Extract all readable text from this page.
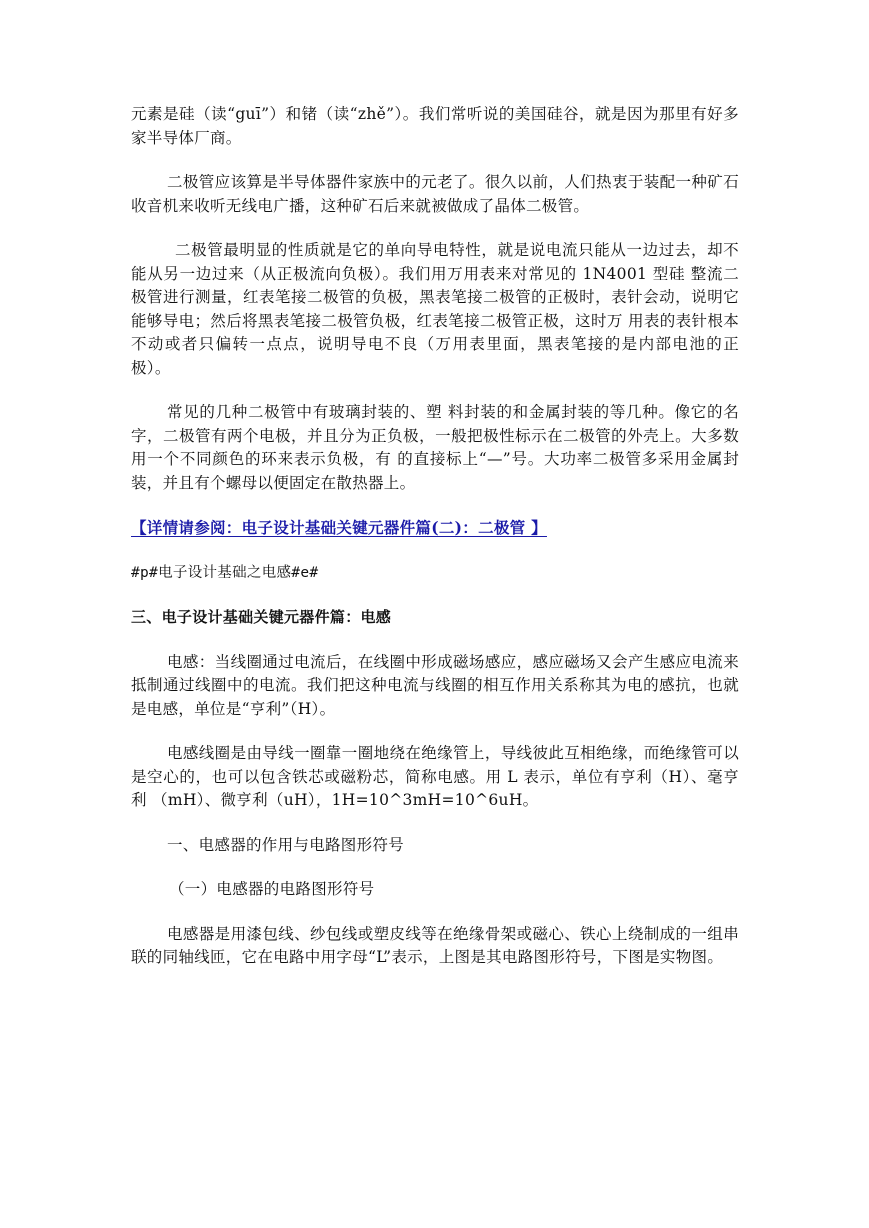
元素是硅（读“guī”）和锗（读“zhě”）。我们常听说的美国硅谷，就是因为那里有好多家半导体厂商。

二极管应该算是半导体器件家族中的元老了。很久以前，人们热衷于装配一种矿石收音机来收听无线电广播，这种矿石后来就被做成了晶体二极管。

二极管最明显的性质就是它的单向导电特性，就是说电流只能从一边过去，却不能从另一边过来（从正极流向负极）。我们用万用表来对常见的 1N4001 型硅 整流二极管进行测量，红表笔接二极管的负极，黑表笔接二极管的正极时，表针会动，说明它能够导电；然后将黑表笔接二极管负极，红表笔接二极管正极，这时万 用表的表针根本不动或者只偏转一点点，说明导电不良（万用表里面，黑表笔接的是内部电池的正极）。

常见的几种二极管中有玻璃封装的、塑 料封装的和金属封装的等几种。像它的名字，二极管有两个电极，并且分为正负极，一般把极性标示在二极管的外壳上。大多数用一个不同颜色的环来表示负极，有 的直接标上“—”号。大功率二极管多采用金属封装，并且有个螺母以便固定在散热器上。

【详情请参阅：电子设计基础关键元器件篇(二)：二极管 】

#p#电子设计基础之电感#e#

三、电子设计基础关键元器件篇：电感

电感：当线圈通过电流后，在线圈中形成磁场感应，感应磁场又会产生感应电流来抵制通过线圈中的电流。我们把这种电流与线圈的相互作用关系称其为电的感抗，也就是电感，单位是“亨利”（H）。

电感线圈是由导线一圈靠一圈地绕在绝缘管上，导线彼此互相绝缘，而绝缘管可以是空心的，也可以包含铁芯或磁粉芯，简称电感。用 L 表示，单位有亨利（H）、毫亨利 （mH）、微亨利（uH），1H=10^3mH=10^6uH。

一、电感器的作用与电路图形符号

（一）电感器的电路图形符号

电感器是用漆包线、纱包线或塑皮线等在绝缘骨架或磁心、铁心上绕制成的一组串联的同轴线匝，它在电路中用字母“L”表示，上图是其电路图形符号，下图是实物图。
